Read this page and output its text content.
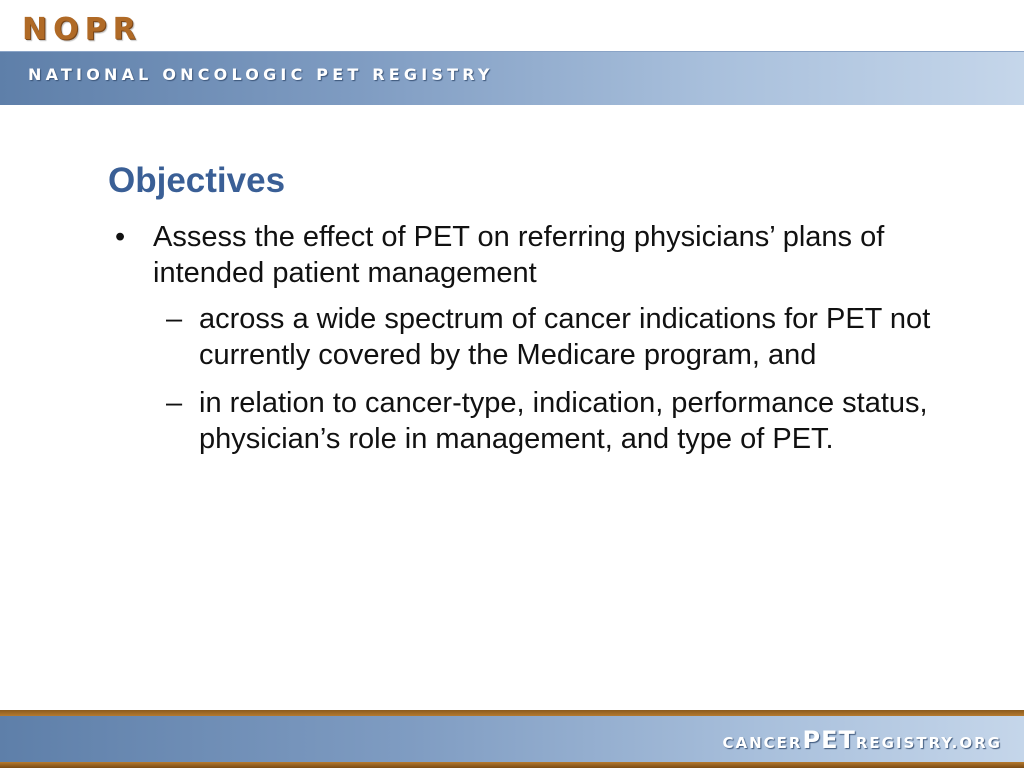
NOPR
NATIONAL ONCOLOGIC PET REGISTRY
Objectives
• Assess the effect of PET on referring physicians’ plans of intended patient management
– across a wide spectrum of cancer indications for PET not currently covered by the Medicare program, and
– in relation to cancer-type, indication, performance status, physician’s role in management, and type of PET.
CANCERPETREGISTRY.ORG
